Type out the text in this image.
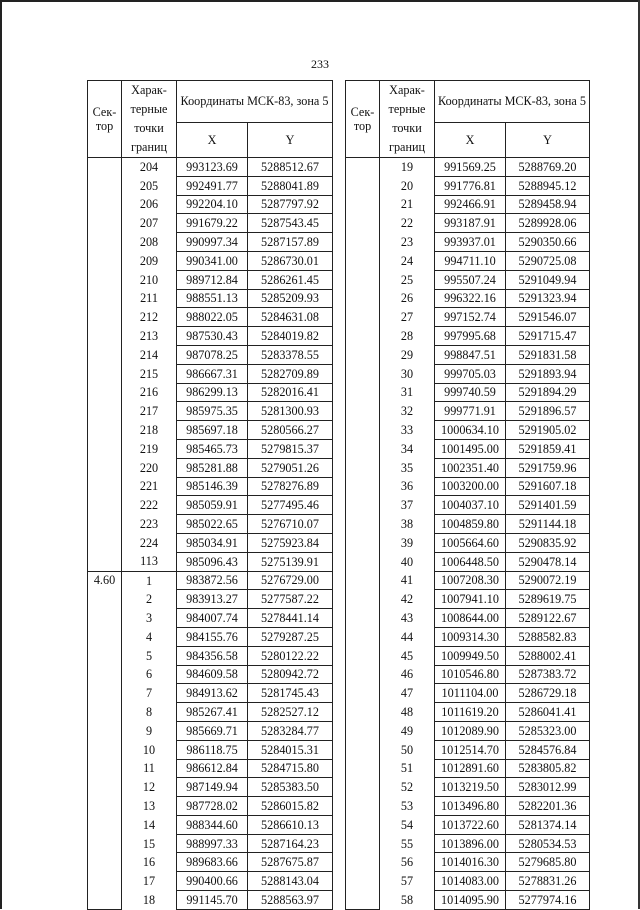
233
Сек-тор	Харак-терные точки границ	Координаты МСК-83, зона 5	
		X	Y
	204	993123.69	5288512.67
	205	992491.77	5288041.89
	206	992204.10	5287797.92
	207	991679.22	5287543.45
	208	990997.34	5287157.89
	209	990341.00	5286730.01
	210	989712.84	5286261.45
	211	988551.13	5285209.93
	212	988022.05	5284631.08
	213	987530.43	5284019.82
	214	987078.25	5283378.55
	215	986667.31	5282709.89
	216	986299.13	5282016.41
	217	985975.35	5281300.93
	218	985697.18	5280566.27
	219	985465.73	5279815.37
	220	985281.88	5279051.26
	221	985146.39	5278276.89
	222	985059.91	5277495.46
	223	985022.65	5276710.07
	224	985034.91	5275923.84
	113	985096.43	5275139.91
4.60	1	983872.56	5276729.00
	2	983913.27	5277587.22
	3	984007.74	5278441.14
	4	984155.76	5279287.25
	5	984356.58	5280122.22
	6	984609.58	5280942.72
	7	984913.62	5281745.43
	8	985267.41	5282527.12
	9	985669.71	5283284.77
	10	986118.75	5284015.31
	11	986612.84	5284715.80
	12	987149.94	5285383.50
	13	987728.02	5286015.82
	14	988344.60	5286610.13
	15	988997.33	5287164.23
	16	989683.66	5287675.87
	17	990400.66	5288143.04
	18	991145.70	5288563.97
Сек-тор	Харак-терные точки границ	Координаты МСК-83, зона 5	
		X	Y
	19	991569.25	5288769.20
	20	991776.81	5288945.12
	21	992466.91	5289458.94
	22	993187.91	5289928.06
	23	993937.01	5290350.66
	24	994711.10	5290725.08
	25	995507.24	5291049.94
	26	996322.16	5291323.94
	27	997152.74	5291546.07
	28	997995.68	5291715.47
	29	998847.51	5291831.58
	30	999705.03	5291893.94
	31	999740.59	5291894.29
	32	999771.91	5291896.57
	33	1000634.10	5291905.02
	34	1001495.00	5291859.41
	35	1002351.40	5291759.96
	36	1003200.00	5291607.18
	37	1004037.10	5291401.59
	38	1004859.80	5291144.18
	39	1005664.60	5290835.92
	40	1006448.50	5290478.14
	41	1007208.30	5290072.19
	42	1007941.10	5289619.75
	43	1008644.00	5289122.67
	44	1009314.30	5288582.83
	45	1009949.50	5288002.41
	46	1010546.80	5287383.72
	47	1011104.00	5286729.18
	48	1011619.20	5286041.41
	49	1012089.90	5285323.00
	50	1012514.70	5284576.84
	51	1012891.60	5283805.82
	52	1013219.50	5283012.99
	53	1013496.80	5282201.36
	54	1013722.60	5281374.14
	55	1013896.00	5280534.53
	56	1014016.30	5279685.80
	57	1014083.00	5278831.26
	58	1014095.90	5277974.16
